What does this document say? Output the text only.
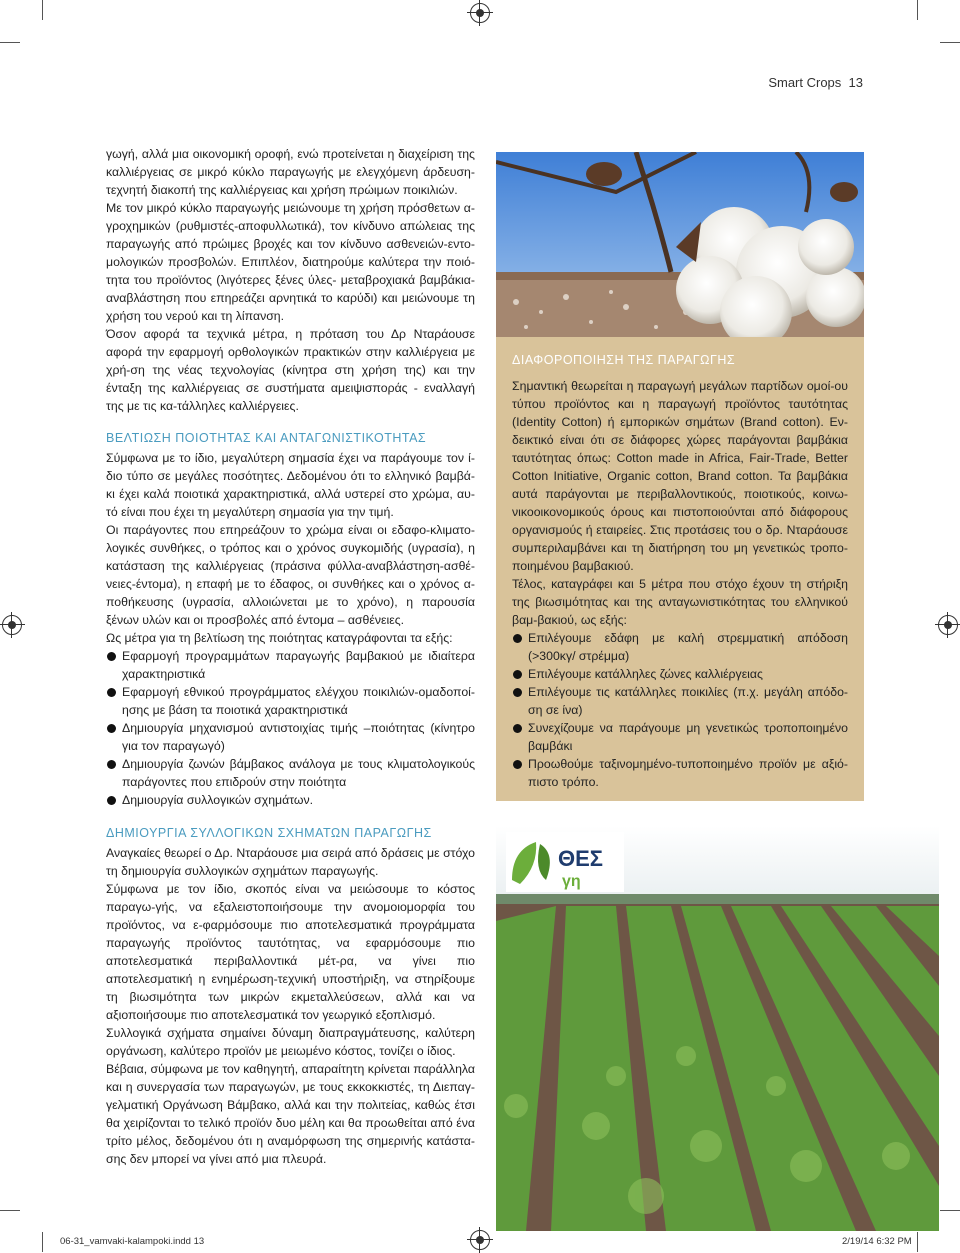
Smart Crops 13

γωγή, αλλά μια οικονομική οροφή, ενώ προτείνεται η διαχείριση της καλλιέργειας σε μικρό κύκλο παραγωγής με ελεγχόμενη άρδευση-τεχνητή διακοπή της καλλιέργειας και χρήση πρώιμων ποικιλιών.

Με τον μικρό κύκλο παραγωγής μειώνουμε τη χρήση πρόσθετων α-γροχημικών (ρυθμιστές-αποφυλλωτικά), τον κίνδυνο απώλειας της παραγωγής από πρώιμες βροχές και τον κίνδυνο ασθενειών-εντο-μολογικών προσβολών. Επιπλέον, διατηρούμε καλύτερα την ποιό-τητα του προϊόντος (λιγότερες ξένες ύλες- μεταβροχιακά βαμβάκια-αναβλάστηση που επηρεάζει αρνητικά το καρύδι) και μειώνουμε τη χρήση του νερού και τη λίπανση.

Όσον αφορά τα τεχνικά μέτρα, η πρόταση του Δρ Νταράουσε αφορά την εφαρμογή ορθολογικών πρακτικών στην καλλιέργεια με χρή-ση της νέας τεχνολογίας (κίνητρα στη χρήση της) και την ένταξη της καλλιέργειας σε συστήματα αμειψισποράς - εναλλαγή της με τις κα-τάλληλες καλλιέργειες.

ΒΕΛΤΙΩΣΗ ΠΟΙΟΤΗΤΑΣ ΚΑΙ ΑΝΤΑΓΩΝΙΣΤΙΚΟΤΗΤΑΣ

Σύμφωνα με το ίδιο, μεγαλύτερη σημασία έχει να παράγουμε τον ί-διο τύπο σε μεγάλες ποσότητες. Δεδομένου ότι το ελληνικό βαμβά-κι έχει καλά ποιοτικά χαρακτηριστικά, αλλά υστερεί στο χρώμα, αυ-τό είναι που έχει τη μεγαλύτερη σημασία για την τιμή.

Οι παράγοντες που επηρεάζουν το χρώμα είναι οι εδαφο-κλιματο-λογικές συνθήκες, ο τρόπος και ο χρόνος συγκομιδής (υγρασία), η κατάσταση της καλλιέργειας (πράσινα φύλλα-αναβλάστηση-ασθέ-νειες-έντομα), η επαφή με το έδαφος, οι συνθήκες και ο χρόνος α-ποθήκευσης (υγρασία, αλλοιώνεται με το χρόνο), η παρουσία ξένων υλών και οι προσβολές από έντομα – ασθένειες.

Ως μέτρα για τη βελτίωση της ποιότητας καταγράφονται τα εξής:

Εφαρμογή προγραμμάτων παραγωγής βαμβακιού με ιδιαίτερα χαρακτηριστικά
Εφαρμογή εθνικού προγράμματος ελέγχου ποικιλιών-ομαδοποί-ησης με βάση τα ποιοτικά χαρακτηριστικά
Δημιουργία μηχανισμού αντιστοιχίας τιμής –ποιότητας (κίνητρο για τον παραγωγό)
Δημιουργία ζωνών βάμβακος ανάλογα με τους κλιματολογικούς παράγοντες που επιδρούν στην ποιότητα
Δημιουργία συλλογικών σχημάτων.
ΔΙΑΦΟΡΟΠΟΙΗΣΗ ΤΗΣ ΠΑΡΑΓΩΓΗΣ

Σημαντική θεωρείται η παραγωγή μεγάλων παρτίδων ομοί-ου τύπου προϊόντος και η παραγωγή προϊόντος ταυτότητας (Identity Cotton) ή εμπορικών σημάτων (Brand cotton). Εν-δεικτικό είναι ότι σε διάφορες χώρες παράγονται βαμβάκια ταυτότητας όπως: Cotton made in Africa, Fair-Trade, Better Cotton Initiative, Organic cotton, Brand cotton. Τα βαμβάκια αυτά παράγονται με περιβαλλοντικούς, ποιοτικούς, κοινω-νικοοικονομικούς όρους και πιστοποιούνται από διάφορους οργανισμούς ή εταιρείες. Στις προτάσεις του ο δρ. Νταράουσε συμπεριλαμβάνει και τη διατήρηση του μη γενετικώς τροπο-ποιημένου βαμβακιού.

Τέλος, καταγράφει και 5 μέτρα που στόχο έχουν τη στήριξη της βιωσιμότητας και της ανταγωνιστικότητας του ελληνικού βαμ-βακιού, ως εξής:

Επιλέγουμε εδάφη με καλή στρεμματική απόδοση (>300κγ/ στρέμμα)
Επιλέγουμε κατάλληλες ζώνες καλλιέργειας
Επιλέγουμε τις κατάλληλες ποικιλίες (π.χ. μεγάλη απόδο-ση σε ίνα)
Συνεχίζουμε να παράγουμε μη γενετικώς τροποποιημένο βαμβάκι
Προωθούμε ταξινομημένο-τυποποιημένο προϊόν με αξιό-πιστο τρόπο.
ΔΗΜΙΟΥΡΓΙΑ ΣΥΛΛΟΓΙΚΩΝ ΣΧΗΜΑΤΩΝ ΠΑΡΑΓΩΓΗΣ

Αναγκαίες θεωρεί ο Δρ. Νταράουσε μια σειρά από δράσεις με στόχο τη δημιουργία συλλογικών σχημάτων παραγωγής.

Σύμφωνα με τον ίδιο, σκοπός είναι να μειώσουμε το κόστος παραγω-γής, να εξαλειστοποιήσουμε την ανομοιομορφία του προϊόντος, να ε-φαρμόσουμε πιο αποτελεσματικά προγράμματα παραγωγής προϊόντος ταυτότητας, να εφαρμόσουμε πιο αποτελεσματικά περιβαλλοντικά μέτ-ρα, να γίνει πιο αποτελεσματική η ενημέρωση-τεχνική υποστήριξη, να στηρίξουμε τη βιωσιμότητα των μικρών εκμεταλλεύσεων, αλλά και να αξιοποιήσουμε πιο αποτελεσματικά τον γεωργικό εξοπλισμό.

Συλλογικά σχήματα σημαίνει δύναμη διαπραγμάτευσης, καλύτερη οργάνωση, καλύτερο προϊόν με μειωμένο κόστος, τονίζει ο ίδιος.

Βέβαια, σύμφωνα με τον καθηγητή, απαραίτητη κρίνεται παράλληλα και η συνεργασία των παραγωγών, με τους εκκοκκιστές, τη Διεπαγ-γελματική Οργάνωση Βάμβακο, αλλά και την πολιτείας, καθώς έτσι θα χειρίζονται το τελικό προϊόν δυο μέλη και θα προωθείται από ένα τρίτο μέλος, δεδομένου ότι η αναμόρφωση της σημερινής κατάστα-σης δεν μπορεί να γίνει από μια πλευρά.

ΘΕΣ
γη
06-31_vamvaki-kalampoki.indd 13	2/19/14 6:32 PM
